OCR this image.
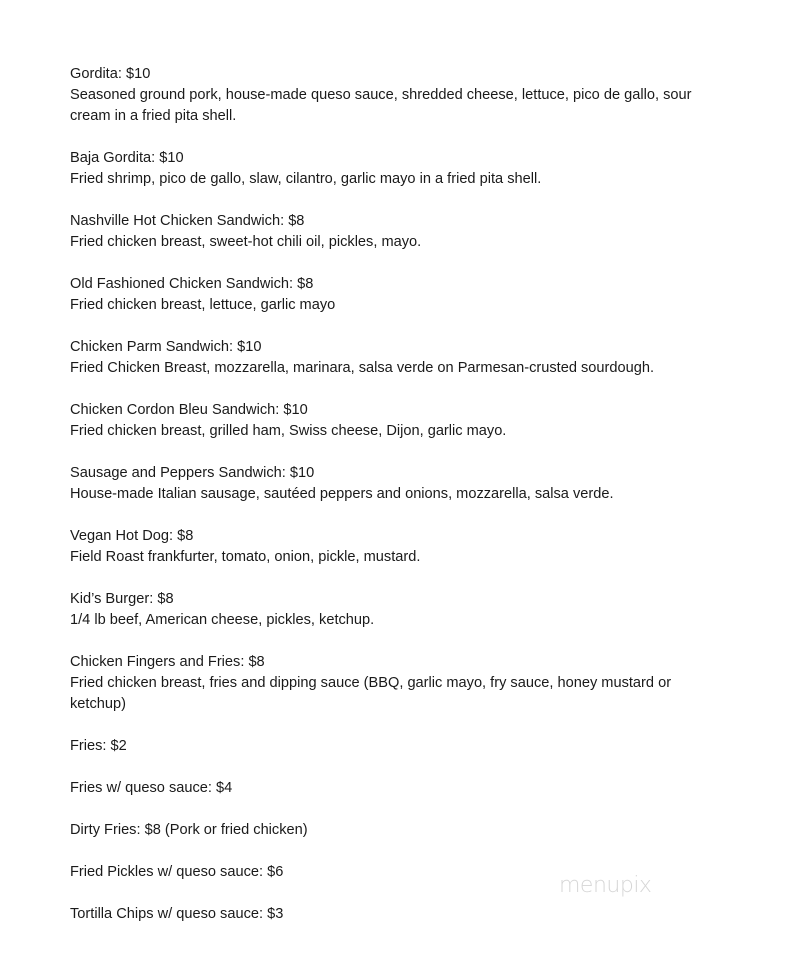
Gordita: $10
Seasoned ground pork, house-made queso sauce, shredded cheese, lettuce, pico de gallo, sour cream in a fried pita shell.
Baja Gordita: $10
Fried shrimp, pico de gallo, slaw, cilantro, garlic mayo in a fried pita shell.
Nashville Hot Chicken Sandwich: $8
Fried chicken breast, sweet-hot chili oil, pickles, mayo.
Old Fashioned Chicken Sandwich: $8
Fried chicken breast, lettuce, garlic mayo
Chicken Parm Sandwich: $10
Fried Chicken Breast, mozzarella, marinara, salsa verde on Parmesan-crusted sourdough.
Chicken Cordon Bleu Sandwich: $10
Fried chicken breast, grilled ham, Swiss cheese, Dijon, garlic mayo.
Sausage and Peppers Sandwich: $10
House-made Italian sausage, sautéed peppers and onions, mozzarella, salsa verde.
Vegan Hot Dog: $8
Field Roast frankfurter, tomato, onion, pickle, mustard.
Kid’s Burger: $8
1/4 lb beef, American cheese, pickles, ketchup.
Chicken Fingers and Fries: $8
Fried chicken breast, fries and dipping sauce (BBQ, garlic mayo, fry sauce, honey mustard or ketchup)
Fries: $2
Fries w/ queso sauce: $4
Dirty Fries: $8 (Pork or fried chicken)
Fried Pickles w/ queso sauce: $6
Tortilla Chips w/ queso sauce: $3
menupix
